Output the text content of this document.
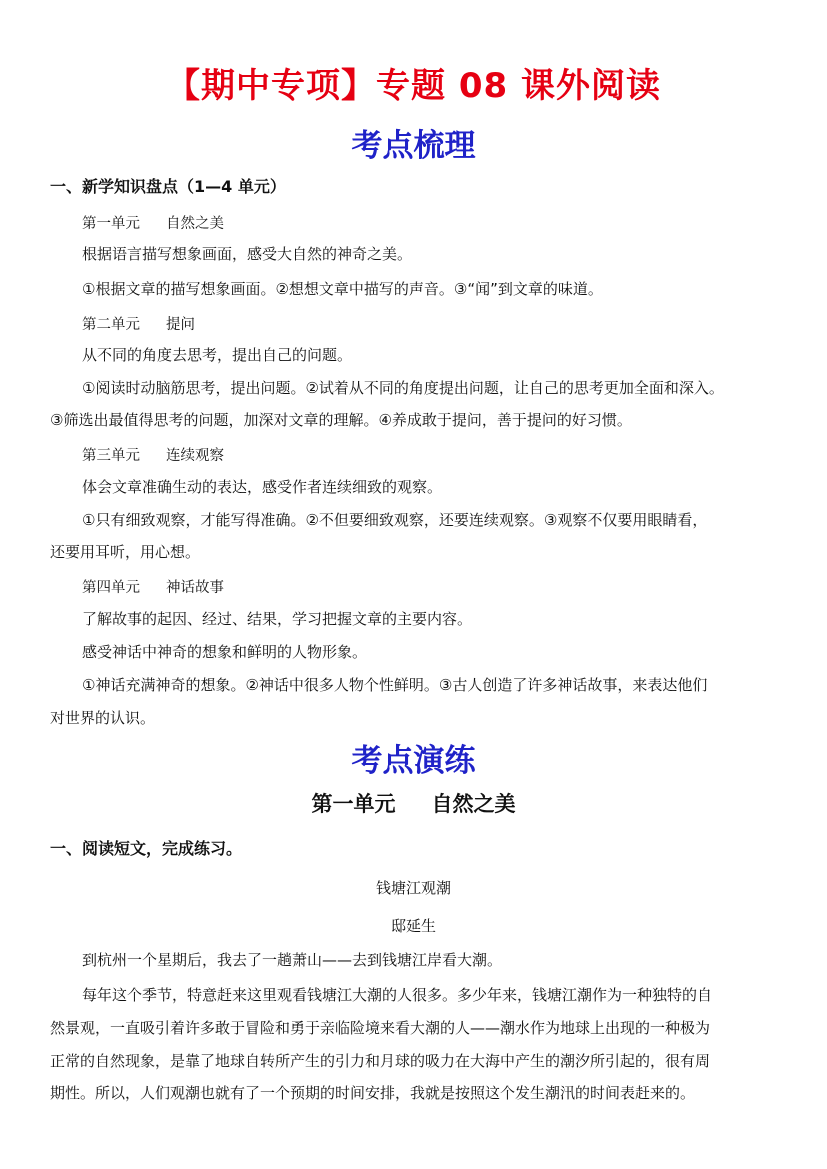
【期中专项】专题 08 课外阅读
考点梳理
一、新学知识盘点（1—4 单元）
第一单元 自然之美

根据语言描写想象画面，感受大自然的神奇之美。

①根据文章的描写想象画面。②想想文章中描写的声音。③“闻”到文章的味道。

第二单元 提问

从不同的角度去思考，提出自己的问题。

①阅读时动脑筋思考，提出问题。②试着从不同的角度提出问题，让自己的思考更加全面和深入。

③筛选出最值得思考的问题，加深对文章的理解。④养成敢于提问，善于提问的好习惯。

第三单元 连续观察

体会文章准确生动的表达，感受作者连续细致的观察。

①只有细致观察，才能写得准确。②不但要细致观察，还要连续观察。③观察不仅要用眼睛看，

还要用耳听，用心想。

第四单元 神话故事

了解故事的起因、经过、结果，学习把握文章的主要内容。

感受神话中神奇的想象和鲜明的人物形象。

①神话充满神奇的想象。②神话中很多人物个性鲜明。③古人创造了许多神话故事，来表达他们

对世界的认识。

考点演练
第一单元 自然之美
一、阅读短文，完成练习。
钱塘江观潮
邸延生

到杭州一个星期后，我去了一趟萧山——去到钱塘江岸看大潮。

每年这个季节，特意赶来这里观看钱塘江大潮的人很多。多少年来，钱塘江潮作为一种独特的自

然景观，一直吸引着许多敢于冒险和勇于亲临险境来看大潮的人——潮水作为地球上出现的一种极为

正常的自然现象，是靠了地球自转所产生的引力和月球的吸力在大海中产生的潮汐所引起的，很有周

期性。所以，人们观潮也就有了一个预期的时间安排，我就是按照这个发生潮汛的时间表赶来的。
